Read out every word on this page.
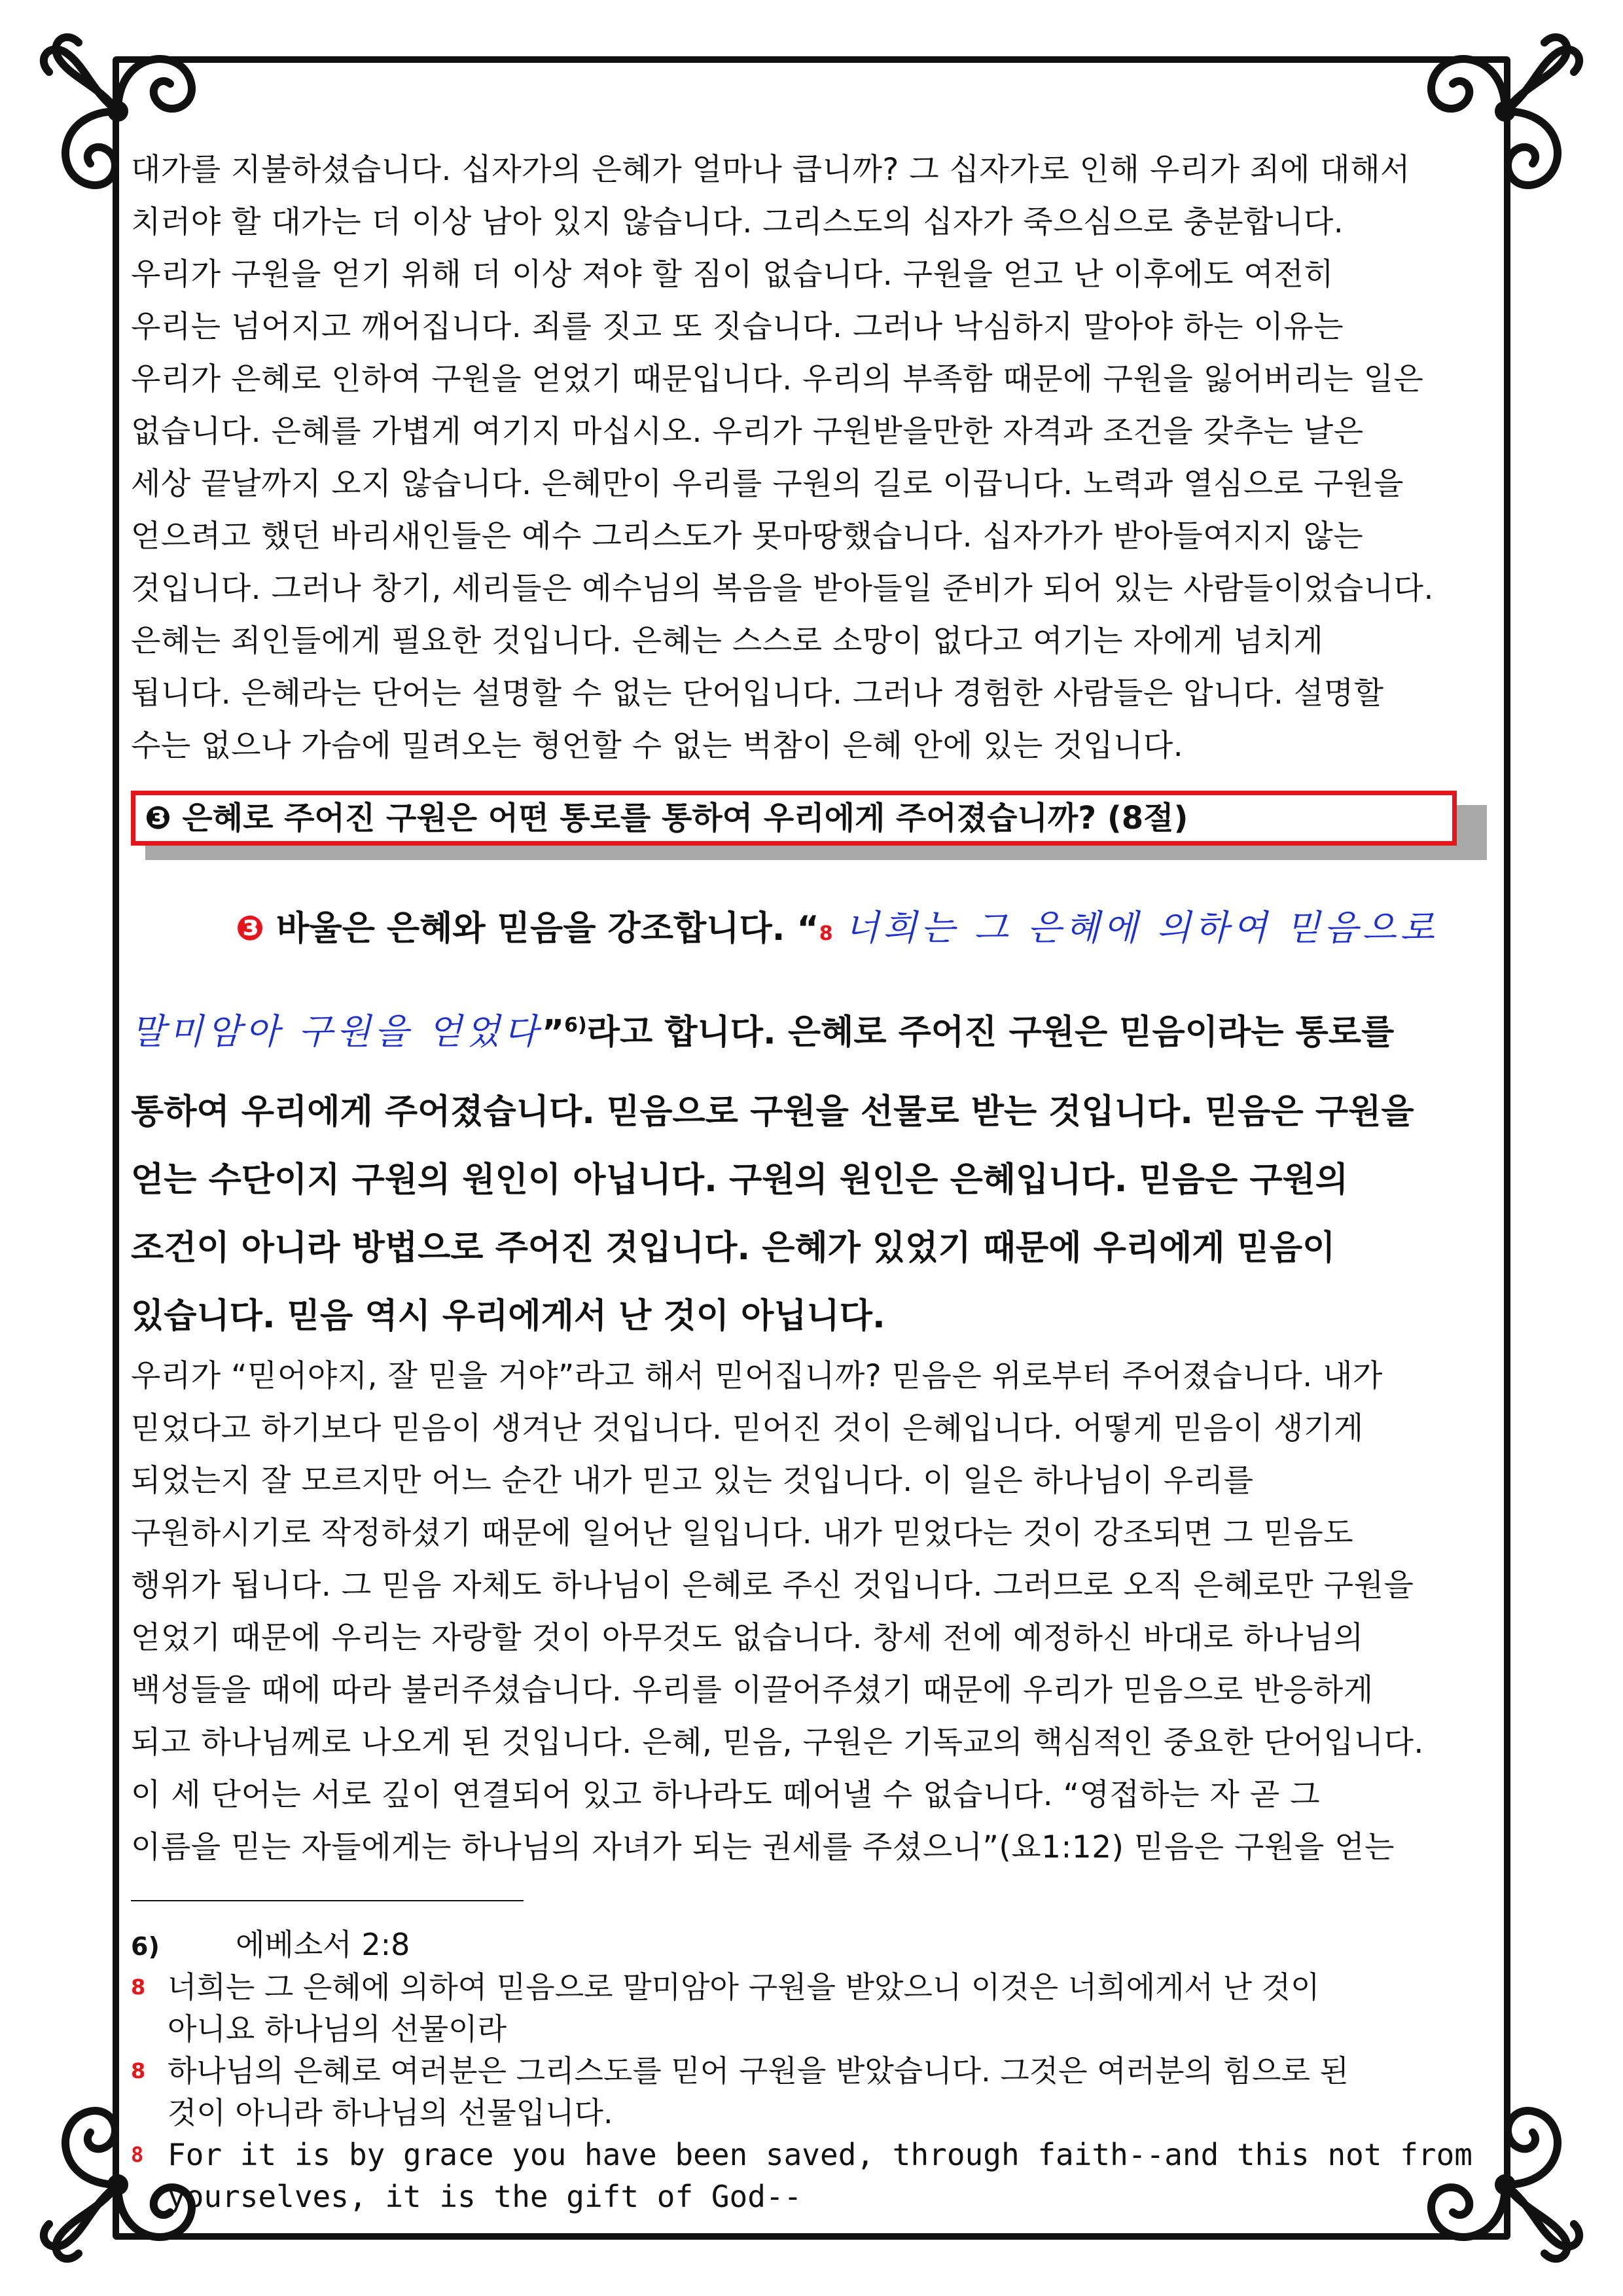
대가를 지불하셨습니다. 십자가의 은혜가 얼마나 큽니까? 그 십자가로 인해 우리가 죄에 대해서

치러야 할 대가는 더 이상 남아 있지 않습니다. 그리스도의 십자가 죽으심으로 충분합니다.

우리가 구원을 얻기 위해 더 이상 져야 할 짐이 없습니다. 구원을 얻고 난 이후에도 여전히

우리는 넘어지고 깨어집니다. 죄를 짓고 또 짓습니다. 그러나 낙심하지 말아야 하는 이유는

우리가 은혜로 인하여 구원을 얻었기 때문입니다. 우리의 부족함 때문에 구원을 잃어버리는 일은

없습니다. 은혜를 가볍게 여기지 마십시오. 우리가 구원받을만한 자격과 조건을 갖추는 날은

세상 끝날까지 오지 않습니다. 은혜만이 우리를 구원의 길로 이끕니다. 노력과 열심으로 구원을

얻으려고 했던 바리새인들은 예수 그리스도가 못마땅했습니다. 십자가가 받아들여지지 않는

것입니다. 그러나 창기, 세리들은 예수님의 복음을 받아들일 준비가 되어 있는 사람들이었습니다.

은혜는 죄인들에게 필요한 것입니다. 은혜는 스스로 소망이 없다고 여기는 자에게 넘치게

됩니다. 은혜라는 단어는 설명할 수 없는 단어입니다. 그러나 경험한 사람들은 압니다. 설명할

수는 없으나 가슴에 밀려오는 형언할 수 없는 벅참이 은혜 안에 있는 것입니다.

❸ 은혜로 주어진 구원은 어떤 통로를 통하여 우리에게 주어졌습니까? (8절)

❸ 바울은 은혜와 믿음을 강조합니다. “8 너희는 그 은혜에 의하여 믿음으로

말미암아 구원을 얻었다”$^{6)}$라고 합니다. 은혜로 주어진 구원은 믿음이라는 통로를

통하여 우리에게 주어졌습니다. 믿음으로 구원을 선물로 받는 것입니다. 믿음은 구원을

얻는 수단이지 구원의 원인이 아닙니다. 구원의 원인은 은혜입니다. 믿음은 구원의

조건이 아니라 방법으로 주어진 것입니다. 은혜가 있었기 때문에 우리에게 믿음이

있습니다. 믿음 역시 우리에게서 난 것이 아닙니다.

우리가 “믿어야지, 잘 믿을 거야”라고 해서 믿어집니까? 믿음은 위로부터 주어졌습니다. 내가

믿었다고 하기보다 믿음이 생겨난 것입니다. 믿어진 것이 은혜입니다. 어떻게 믿음이 생기게

되었는지 잘 모르지만 어느 순간 내가 믿고 있는 것입니다. 이 일은 하나님이 우리를

구원하시기로 작정하셨기 때문에 일어난 일입니다. 내가 믿었다는 것이 강조되면 그 믿음도

행위가 됩니다. 그 믿음 자체도 하나님이 은혜로 주신 것입니다. 그러므로 오직 은혜로만 구원을

얻었기 때문에 우리는 자랑할 것이 아무것도 없습니다. 창세 전에 예정하신 바대로 하나님의

백성들을 때에 따라 불러주셨습니다. 우리를 이끌어주셨기 때문에 우리가 믿음으로 반응하게

되고 하나님께로 나오게 된 것입니다. 은혜, 믿음, 구원은 기독교의 핵심적인 중요한 단어입니다.

이 세 단어는 서로 깊이 연결되어 있고 하나라도 떼어낼 수 없습니다. “영접하는 자 곧 그

이름을 믿는 자들에게는 하나님의 자녀가 되는 권세를 주셨으니”(요1:12) 믿음은 구원을 얻는

6)	에베소서 2:8
8 너희는 그 은혜에 의하여 믿음으로 말미암아 구원을 받았으니 이것은 너희에게서 난 것이
아니요 하나님의 선물이라
8 하나님의 은혜로 여러분은 그리스도를 믿어 구원을 받았습니다. 그것은 여러분의 힘으로 된
것이 아니라 하나님의 선물입니다.
8 For it is by grace you have been saved, through faith--and this not from
yourselves, it is the gift of God--
